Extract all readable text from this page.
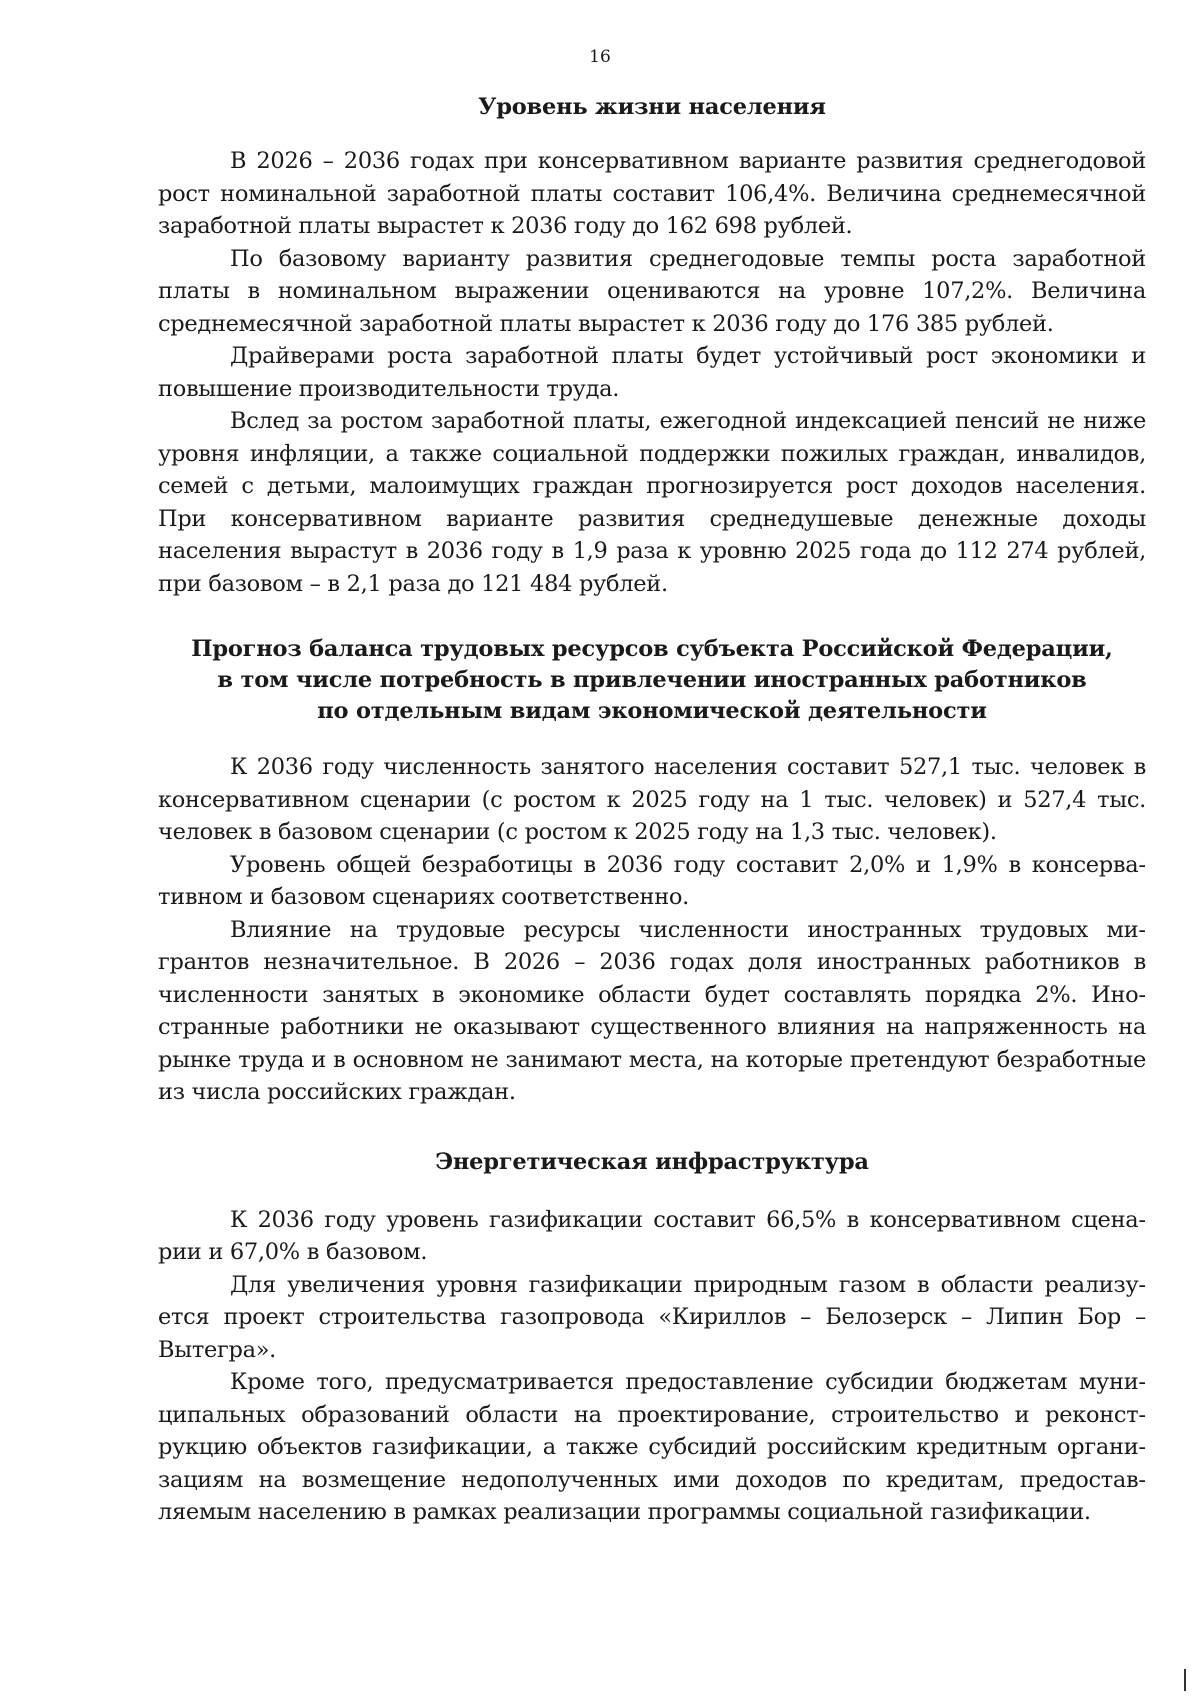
16
Уровень жизни населения

В 2026 – 2036 годах при консервативном варианте развития среднегодовой рост номинальной заработной платы составит 106,4%. Величина среднемесячной заработной платы вырастет к 2036 году до 162 698 рублей.

По базовому варианту развития среднегодовые темпы роста заработной платы в номинальном выражении оцениваются на уровне 107,2%. Величина среднемесячной заработной платы вырастет к 2036 году до 176 385 рублей.

Драйверами роста заработной платы будет устойчивый рост экономики и повышение производительности труда.

Вслед за ростом заработной платы, ежегодной индексацией пенсий не ниже уровня инфляции, а также социальной поддержки пожилых граждан, инвалидов, семей с детьми, малоимущих граждан прогнозируется рост доходов населения. При консервативном варианте развития среднедушевые денежные доходы населения вырастут в 2036 году в 1,9 раза к уровню 2025 года до 112 274 рублей, при базовом – в 2,1 раза до 121 484 рублей.

Прогноз баланса трудовых ресурсов субъекта Российской Федерации,
в том числе потребность в привлечении иностранных работников
по отдельным видам экономической деятельности

К 2036 году численность занятого населения составит 527,1 тыс. человек в консервативном сценарии (с ростом к 2025 году на 1 тыс. человек) и 527,4 тыс. человек в базовом сценарии (с ростом к 2025 году на 1,3 тыс. человек).

Уровень общей безработицы в 2036 году составит 2,0% и 1,9% в консервативном и базовом сценариях соответственно.

Влияние на трудовые ресурсы численности иностранных трудовых мигрантов незначительное. В 2026 – 2036 годах доля иностранных работников в численности занятых в экономике области будет составлять порядка 2%. Иностранные работники не оказывают существенного влияния на напряженность на рынке труда и в основном не занимают места, на которые претендуют безработные из числа российских граждан.

Энергетическая инфраструктура

К 2036 году уровень газификации составит 66,5% в консервативном сценарии и 67,0% в базовом.

Для увеличения уровня газификации природным газом в области реализуется проект строительства газопровода «Кириллов – Белозерск – Липин Бор – Вытегра».

Кроме того, предусматривается предоставление субсидии бюджетам муниципальных образований области на проектирование, строительство и реконструкцию объектов газификации, а также субсидий российским кредитным организациям на возмещение недополученных ими доходов по кредитам, предоставляемым населению в рамках реализации программы социальной газификации.
